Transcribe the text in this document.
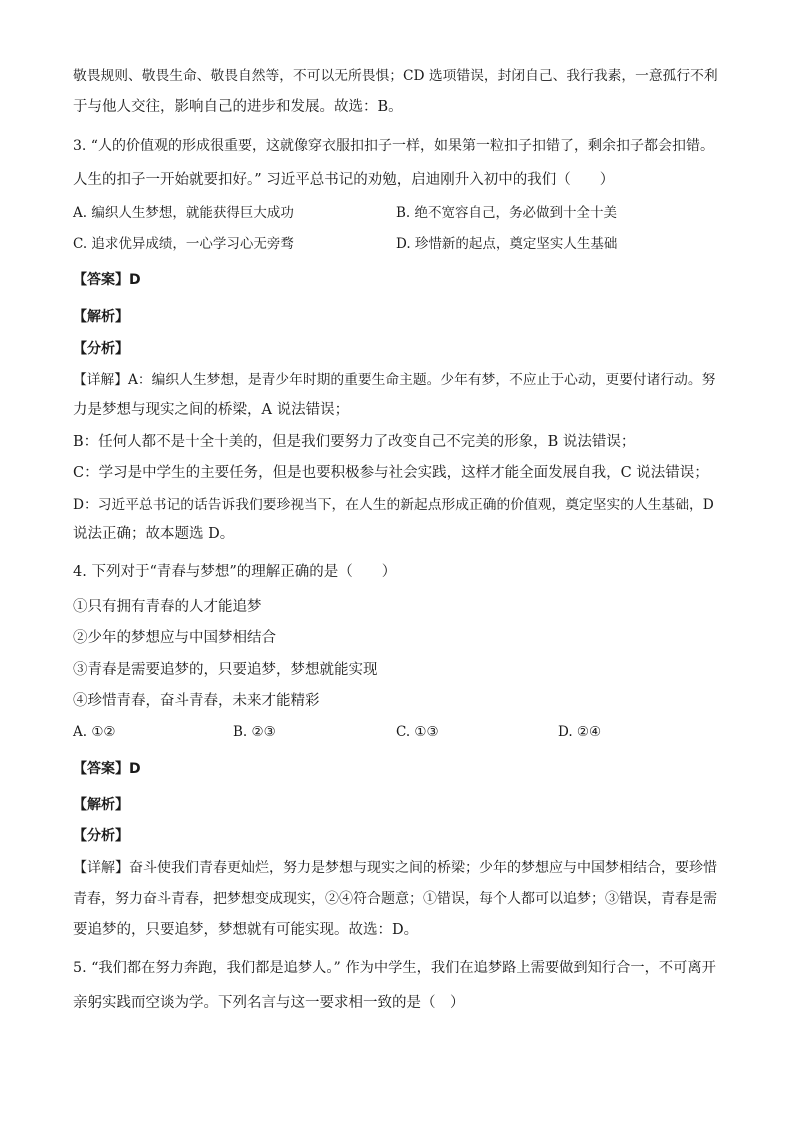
敬畏规则、敬畏生命、敬畏自然等，不可以无所畏惧；CD 选项错误，封闭自己、我行我素，一意孤行不利
于与他人交往，影响自己的进步和发展。故选：B。
3. “人的价值观的形成很重要，这就像穿衣服扣扣子一样，如果第一粒扣子扣错了，剩余扣子都会扣错。
人生的扣子一开始就要扣好。” 习近平总书记的劝勉，启迪刚升入初中的我们（　　）
A. 编织人生梦想，就能获得巨大成功	B. 绝不宽容自己，务必做到十全十美
C. 追求优异成绩，一心学习心无旁骛	D. 珍惜新的起点，奠定坚实人生基础
【答案】D
【解析】
【分析】
【详解】A：编织人生梦想，是青少年时期的重要生命主题。少年有梦，不应止于心动，更要付诸行动。努
力是梦想与现实之间的桥梁，A 说法错误；
B：任何人都不是十全十美的，但是我们要努力了改变自己不完美的形象，B 说法错误；
C：学习是中学生的主要任务，但是也要积极参与社会实践，这样才能全面发展自我，C 说法错误；
D：习近平总书记的话告诉我们要珍视当下，在人生的新起点形成正确的价值观，奠定坚实的人生基础，D
说法正确；故本题选 D。
4. 下列对于“青春与梦想”的理解正确的是（　　）
①只有拥有青春的人才能追梦
②少年的梦想应与中国梦相结合
③青春是需要追梦的，只要追梦，梦想就能实现
④珍惜青春，奋斗青春，未来才能精彩
A. ①②	B. ②③	C. ①③	D. ②④
【答案】D
【解析】
【分析】
【详解】奋斗使我们青春更灿烂，努力是梦想与现实之间的桥梁；少年的梦想应与中国梦相结合，要珍惜
青春，努力奋斗青春，把梦想变成现实，②④符合题意；①错误，每个人都可以追梦；③错误，青春是需
要追梦的，只要追梦，梦想就有可能实现。故选：D。
5. “我们都在努力奔跑，我们都是追梦人。” 作为中学生，我们在追梦路上需要做到知行合一，不可离开
亲躬实践而空谈为学。下列名言与这一要求相一致的是（　）
